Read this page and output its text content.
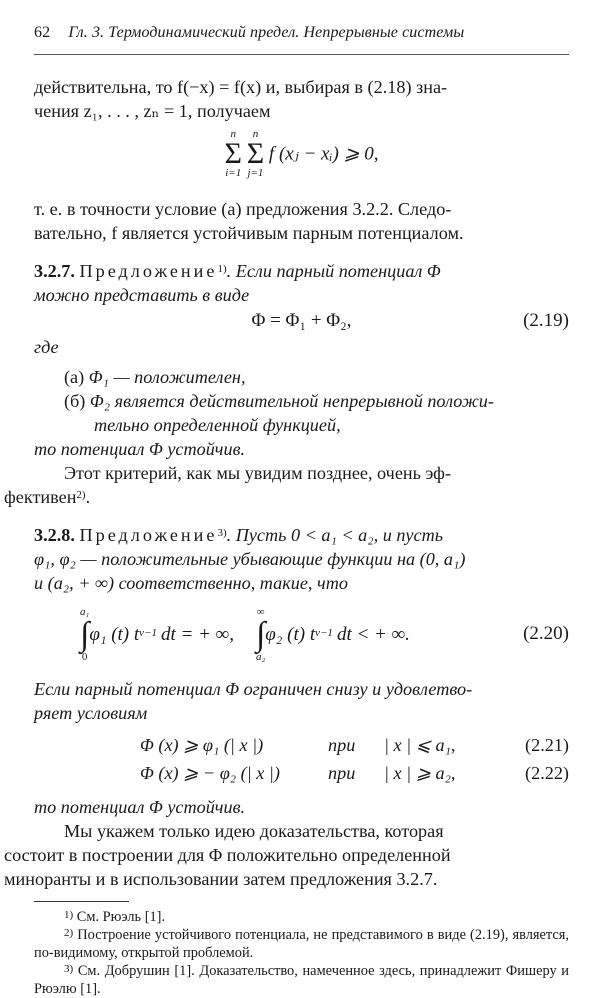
62 Гл. 3. Термодинамический предел. Непрерывные системы

действительна, то f(−x) = f(x) и, выбирая в (2.18) зна-
чения z₁, . . . , zₙ = 1, получаем

n
Σ
i=1

n
Σ
j=1
f (xⱼ − xᵢ) ⩾ 0,

т. е. в точности условие (а) предложения 3.2.2. Следо-
вательно, f является устойчивым парным потенциалом.

3.2.7. Предложение$^{1)}$. Если парный потенциал Φ
можно представить в виде

Φ = Φ₁ + Φ₂,	(2.19)

где

(а) Φ₁ — положителен,

(б) Φ₂ является действительной непрерывной положи-
тельно определенной функцией,

то потенциал Φ устойчив.

Этот критерий, как мы увидим позднее, очень эф-
фективен$^{2)}$.

3.2.8. Предложение$^{3)}$. Пусть 0 < a₁ < a₂, и пусть
φ₁, φ₂ — положительные убывающие функции на (0, a₁)
и (a₂, + ∞) соответственно, такие, что

a₁
∫
0
φ₁ (t) $t^{\nu-1}$ dt = + ∞,
∞
∫
a₂
φ₂ (t) $t^{\nu-1}$ dt < + ∞.	(2.20)

Если парный потенциал Φ ограничен снизу и удовлетво-
ряет условиям

Φ (x) ⩾ φ₁ (| x |)	при | x | ⩽ a₁,	(2.21)
Φ (x) ⩾ − φ₂ (| x |)	при | x | ⩾ a₂,	(2.22)

то потенциал Φ устойчив.

Мы укажем только идею доказательства, которая
состоит в построении для Φ положительно определенной
миноранты и в использовании затем предложения 3.2.7.

$^{1)}$ См. Рюэль [1].

$^{2)}$ Построение устойчивого потенциала, не представимого в виде (2.19), является, по-видимому, открытой проблемой.

$^{3)}$ См. Добрушин [1]. Доказательство, намеченное здесь, принадлежит Фишеру и Рюэлю [1].
